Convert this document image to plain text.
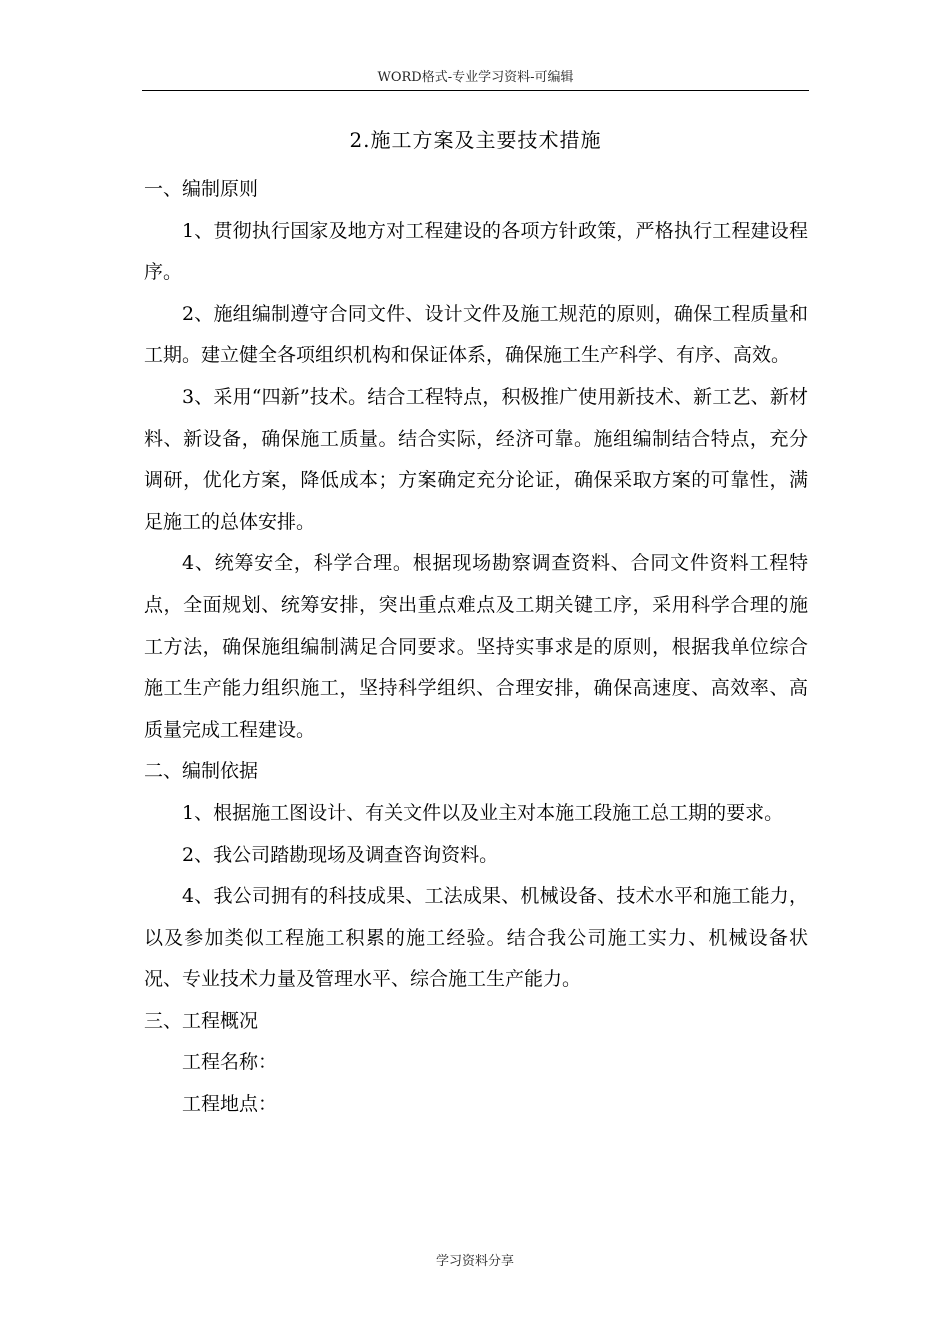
WORD格式-专业学习资料-可编辑
2.施工方案及主要技术措施

一、编制原则

1、贯彻执行国家及地方对工程建设的各项方针政策，严格执行工程建设程序。

2、施组编制遵守合同文件、设计文件及施工规范的原则，确保工程质量和工期。建立健全各项组织机构和保证体系，确保施工生产科学、有序、高效。

3、采用“四新”技术。结合工程特点，积极推广使用新技术、新工艺、新材料、新设备，确保施工质量。结合实际，经济可靠。施组编制结合特点，充分调研，优化方案，降低成本；方案确定充分论证，确保采取方案的可靠性，满足施工的总体安排。

4、统筹安全，科学合理。根据现场勘察调查资料、合同文件资料工程特点，全面规划、统筹安排，突出重点难点及工期关键工序，采用科学合理的施工方法，确保施组编制满足合同要求。坚持实事求是的原则，根据我单位综合施工生产能力组织施工，坚持科学组织、合理安排，确保高速度、高效率、高质量完成工程建设。

二、编制依据

1、根据施工图设计、有关文件以及业主对本施工段施工总工期的要求。

2、我公司踏勘现场及调查咨询资料。

4、我公司拥有的科技成果、工法成果、机械设备、技术水平和施工能力，以及参加类似工程施工积累的施工经验。结合我公司施工实力、机械设备状况、专业技术力量及管理水平、综合施工生产能力。

三、工程概况

工程名称：

工程地点：

学习资料分享
